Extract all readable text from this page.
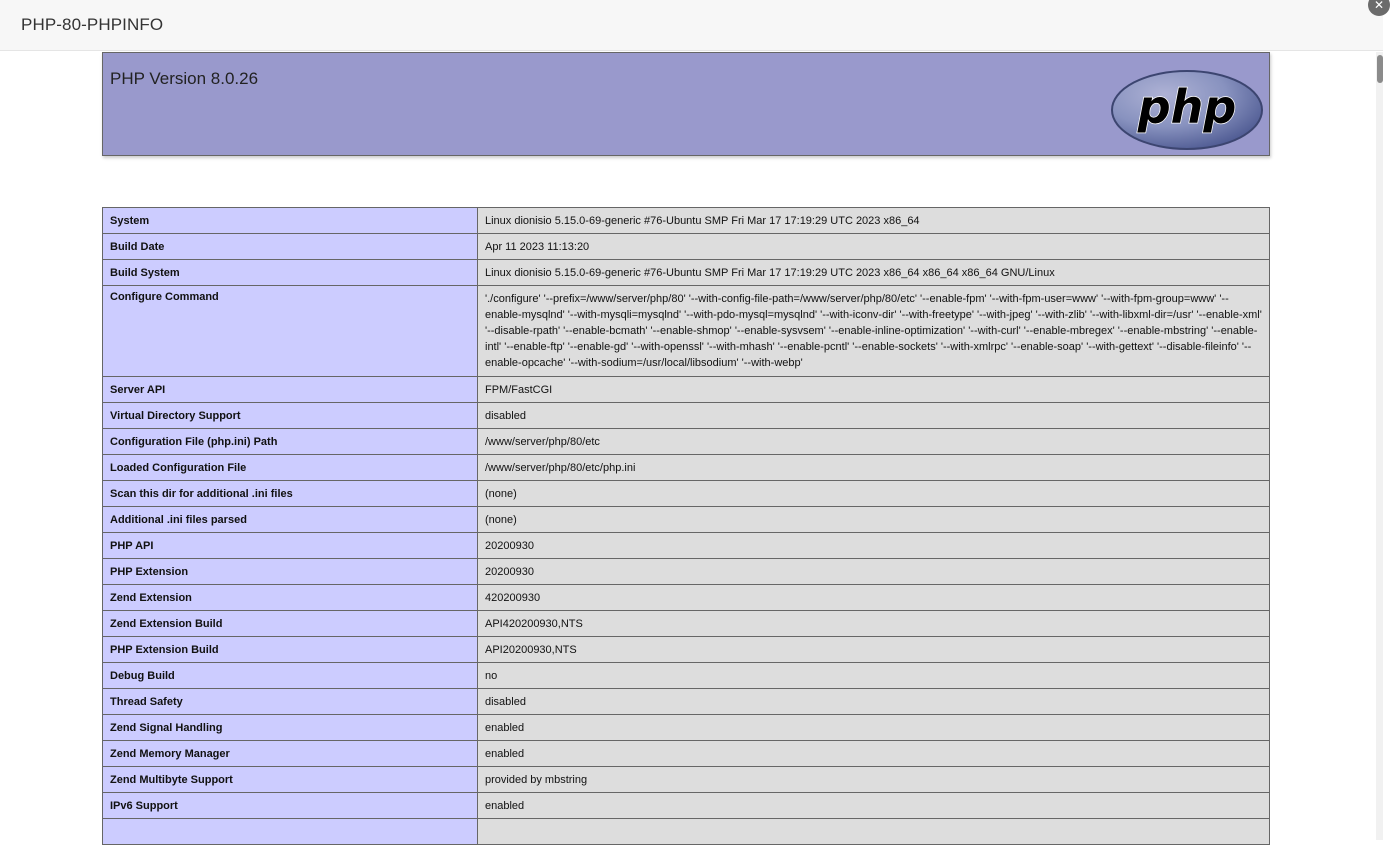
PHP-80-PHPINFO
✕
PHP Version 8.0.26
php
System	Linux dionisio 5.15.0-69-generic #76-Ubuntu SMP Fri Mar 17 17:19:29 UTC 2023 x86_64
Build Date	Apr 11 2023 11:13:20
Build System	Linux dionisio 5.15.0-69-generic #76-Ubuntu SMP Fri Mar 17 17:19:29 UTC 2023 x86_64 x86_64 x86_64 GNU/Linux
Configure Command	'./configure' '--prefix=/www/server/php/80' '--with-config-file-path=/www/server/php/80/etc' '--enable-fpm' '--with-fpm-user=www' '--with-fpm-group=www' '--enable-mysqlnd' '--with-mysqli=mysqlnd' '--with-pdo-mysql=mysqlnd' '--with-iconv-dir' '--with-freetype' '--with-jpeg' '--with-zlib' '--with-libxml-dir=/usr' '--enable-xml' '--disable-rpath' '--enable-bcmath' '--enable-shmop' '--enable-sysvsem' '--enable-inline-optimization' '--with-curl' '--enable-mbregex' '--enable-mbstring' '--enable-intl' '--enable-ftp' '--enable-gd' '--with-openssl' '--with-mhash' '--enable-pcntl' '--enable-sockets' '--with-xmlrpc' '--enable-soap' '--with-gettext' '--disable-fileinfo' '--enable-opcache' '--with-sodium=/usr/local/libsodium' '--with-webp'
Server API	FPM/FastCGI
Virtual Directory Support	disabled
Configuration File (php.ini) Path	/www/server/php/80/etc
Loaded Configuration File	/www/server/php/80/etc/php.ini
Scan this dir for additional .ini files	(none)
Additional .ini files parsed	(none)
PHP API	20200930
PHP Extension	20200930
Zend Extension	420200930
Zend Extension Build	API420200930,NTS
PHP Extension Build	API20200930,NTS
Debug Build	no
Thread Safety	disabled
Zend Signal Handling	enabled
Zend Memory Manager	enabled
Zend Multibyte Support	provided by mbstring
IPv6 Support	enabled
